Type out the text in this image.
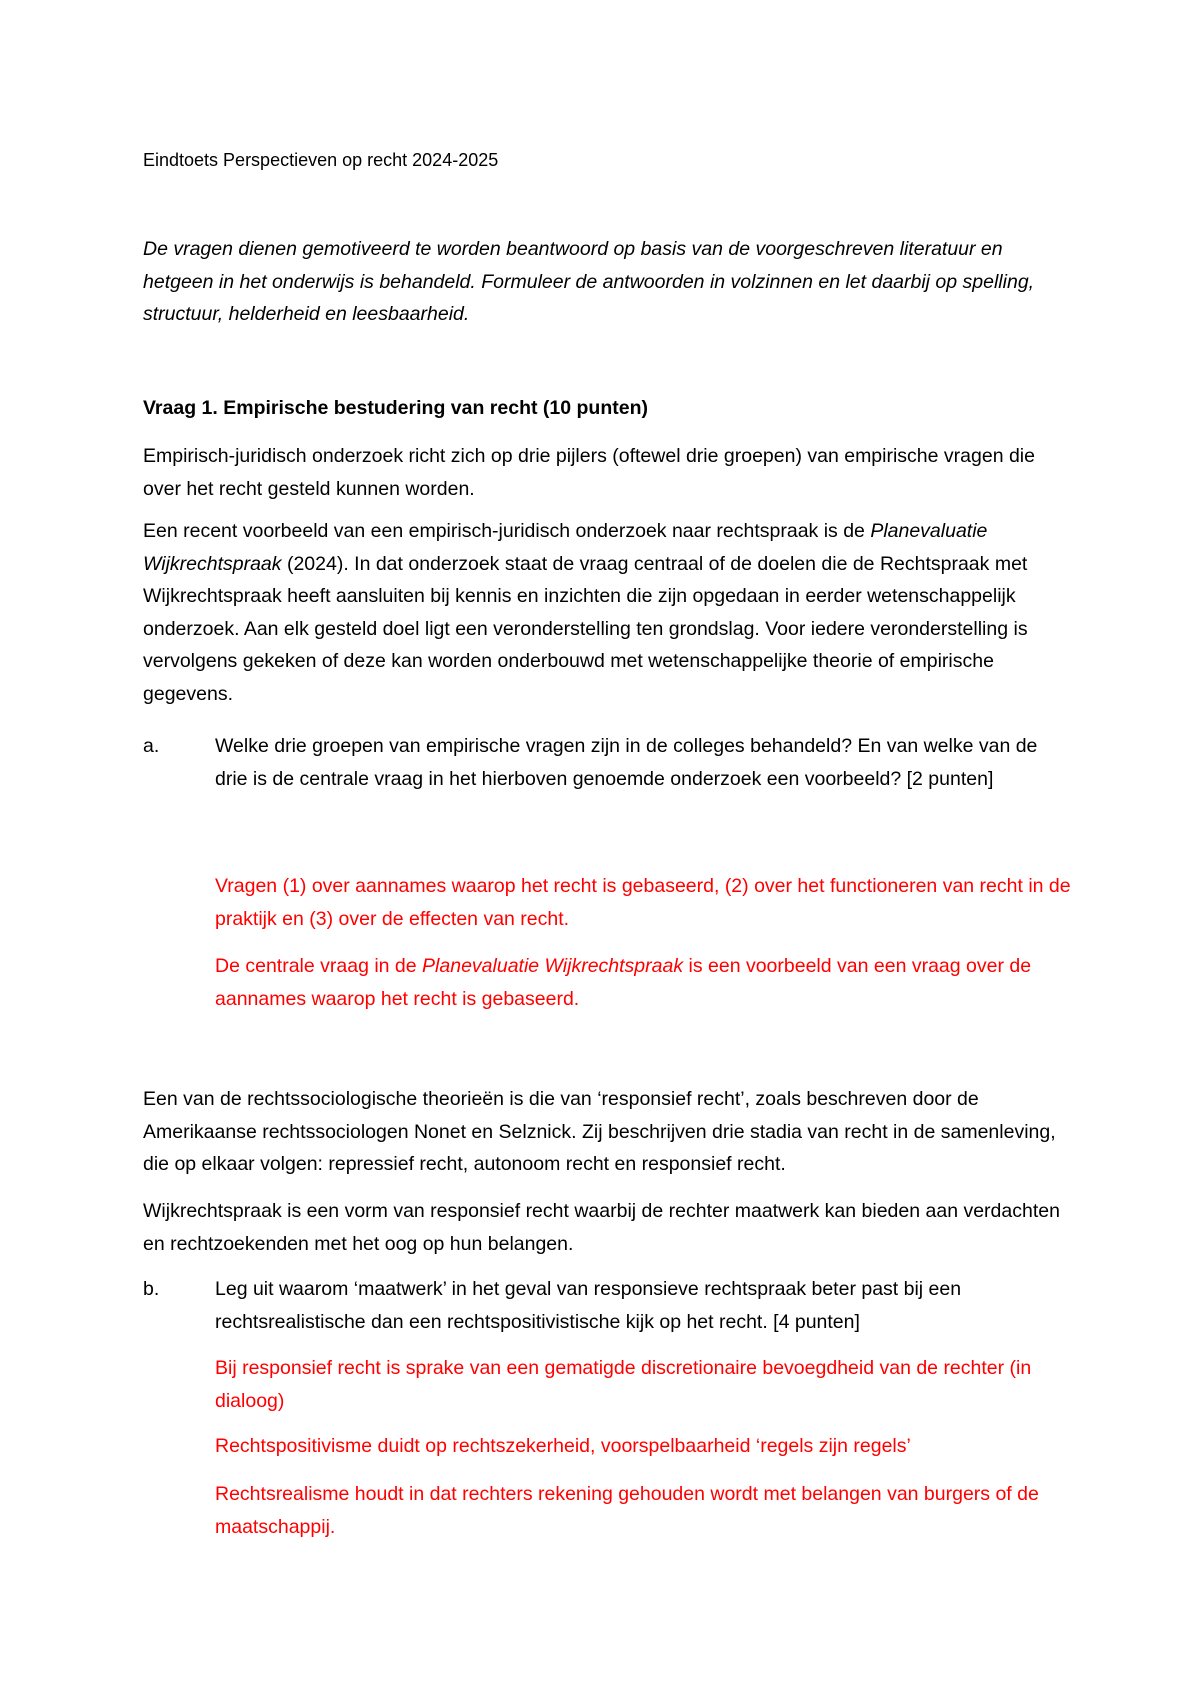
Eindtoets Perspectieven op recht 2024-2025

De vragen dienen gemotiveerd te worden beantwoord op basis van de voorgeschreven literatuur en hetgeen in het onderwijs is behandeld. Formuleer de antwoorden in volzinnen en let daarbij op spelling, structuur, helderheid en leesbaarheid.

Vraag 1. Empirische bestudering van recht (10 punten)

Empirisch-juridisch onderzoek richt zich op drie pijlers (oftewel drie groepen) van empirische vragen die over het recht gesteld kunnen worden.

Een recent voorbeeld van een empirisch-juridisch onderzoek naar rechtspraak is de Planevaluatie Wijkrechtspraak (2024). In dat onderzoek staat de vraag centraal of de doelen die de Rechtspraak met Wijkrechtspraak heeft aansluiten bij kennis en inzichten die zijn opgedaan in eerder wetenschappelijk onderzoek. Aan elk gesteld doel ligt een veronderstelling ten grondslag. Voor iedere veronderstelling is vervolgens gekeken of deze kan worden onderbouwd met wetenschappelijke theorie of empirische gegevens.

a.	Welke drie groepen van empirische vragen zijn in de colleges behandeld? En van welke van de drie is de centrale vraag in het hierboven genoemde onderzoek een voorbeeld? [2 punten]

Vragen (1) over aannames waarop het recht is gebaseerd, (2) over het functioneren van recht in de praktijk en (3) over de effecten van recht.

De centrale vraag in de Planevaluatie Wijkrechtspraak is een voorbeeld van een vraag over de aannames waarop het recht is gebaseerd.

Een van de rechtssociologische theorieën is die van ‘responsief recht’, zoals beschreven door de Amerikaanse rechtssociologen Nonet en Selznick. Zij beschrijven drie stadia van recht in de samenleving, die op elkaar volgen: repressief recht, autonoom recht en responsief recht.

Wijkrechtspraak is een vorm van responsief recht waarbij de rechter maatwerk kan bieden aan verdachten en rechtzoekenden met het oog op hun belangen.

b.	Leg uit waarom ‘maatwerk’ in het geval van responsieve rechtspraak beter past bij een rechtsrealistische dan een rechtspositivistische kijk op het recht. [4 punten]

Bij responsief recht is sprake van een gematigde discretionaire bevoegdheid van de rechter (in dialoog)

Rechtspositivisme duidt op rechtszekerheid, voorspelbaarheid ‘regels zijn regels’

Rechtsrealisme houdt in dat rechters rekening gehouden wordt met belangen van burgers of de maatschappij.
